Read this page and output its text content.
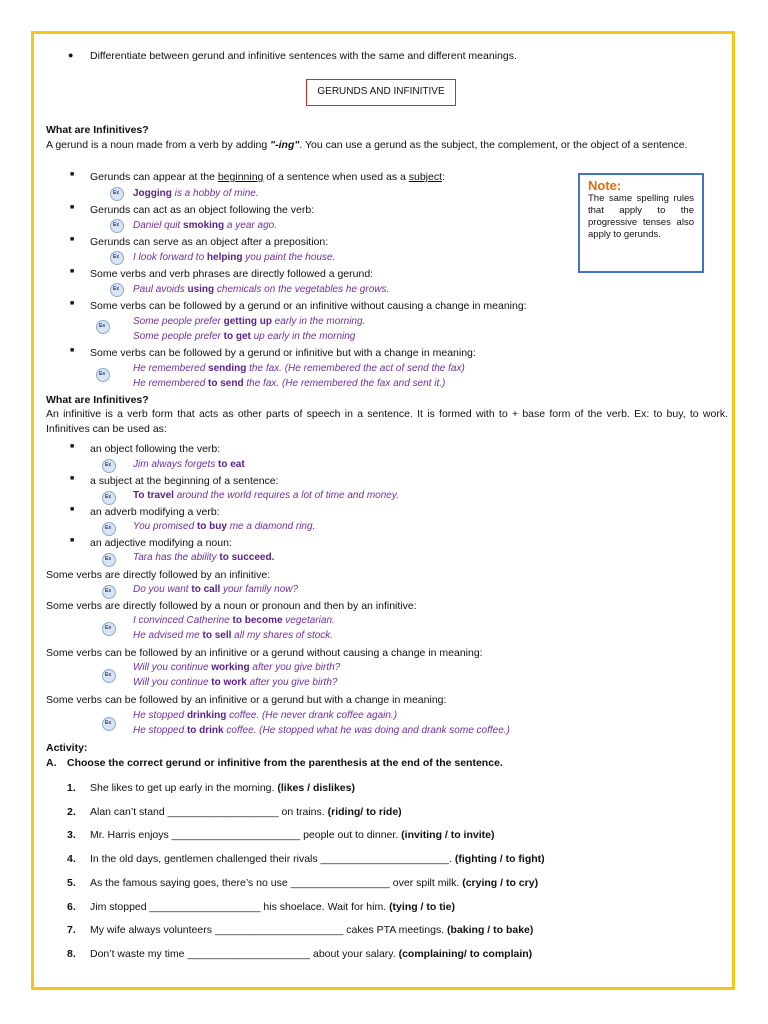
● Differentiate between gerund and infinitive sentences with the same and different meanings.
GERUNDS AND INFINITIVE
What are Infinitives?
A gerund is a noun made from a verb by adding "-ing". You can use a gerund as the subject, the complement, or the object of a sentence.
■ Gerunds can appear at the beginning of a sentence when used as a subject:
Ex
Jogging is a hobby of mine.
■ Gerunds can act as an object following the verb:
Ex
Daniel quit smoking a year ago.
■ Gerunds can serve as an object after a preposition:
Ex
I look forward to helping you paint the house.
■ Some verbs and verb phrases are directly followed a gerund:
Ex
Paul avoids using chemicals on the vegetables he grows.
■ Some verbs can be followed by a gerund or an infinitive without causing a change in meaning:
Ex
Some people prefer getting up early in the morning.
Some people prefer to get up early in the morning
■ Some verbs can be followed by a gerund or infinitive but with a change in meaning:
Ex
He remembered sending the fax. (He remembered the act of send the fax)
He remembered to send the fax. (He remembered the fax and sent it.)
Note:
The same spelling rules that apply to the progressive tenses also apply to gerunds.
What are Infinitives?
An infinitive is a verb form that acts as other parts of speech in a sentence. It is formed with to + base form of the verb. Ex: to buy, to work. Infinitives can be used as:
■ an object following the verb:
Ex
Jim always forgets to eat
■ a subject at the beginning of a sentence:
Ex
To travel around the world requires a lot of time and money.
■ an adverb modifying a verb:
Ex
You promised to buy me a diamond ring.
■ an adjective modifying a noun:
Ex
Tara has the ability to succeed.
Some verbs are directly followed by an infinitive:
Ex
Do you want to call your family now?
Some verbs are directly followed by a noun or pronoun and then by an infinitive:
Ex
I convinced Catherine to become vegetarian.
He advised me to sell all my shares of stock.
Some verbs can be followed by an infinitive or a gerund without causing a change in meaning:
Ex
Will you continue working after you give birth?
Will you continue to work after you give birth?
Some verbs can be followed by an infinitive or a gerund but with a change in meaning:
Ex
He stopped drinking coffee. (He never drank coffee again.)
He stopped to drink coffee. (He stopped what he was doing and drank some coffee.)
Activity:
A. Choose the correct gerund or infinitive from the parenthesis at the end of the sentence.
1. She likes to get up early in the morning. (likes / dislikes)
2. Alan can’t stand ___________________ on trains. (riding/ to ride)
3. Mr. Harris enjoys ______________________ people out to dinner. (inviting / to invite)
4. In the old days, gentlemen challenged their rivals ______________________. (fighting / to fight)
5. As the famous saying goes, there’s no use _________________ over spilt milk. (crying / to cry)
6. Jim stopped ___________________ his shoelace. Wait for him. (tying / to tie)
7. My wife always volunteers ______________________ cakes PTA meetings. (baking / to bake)
8. Don’t waste my time _____________________ about your salary. (complaining/ to complain)
